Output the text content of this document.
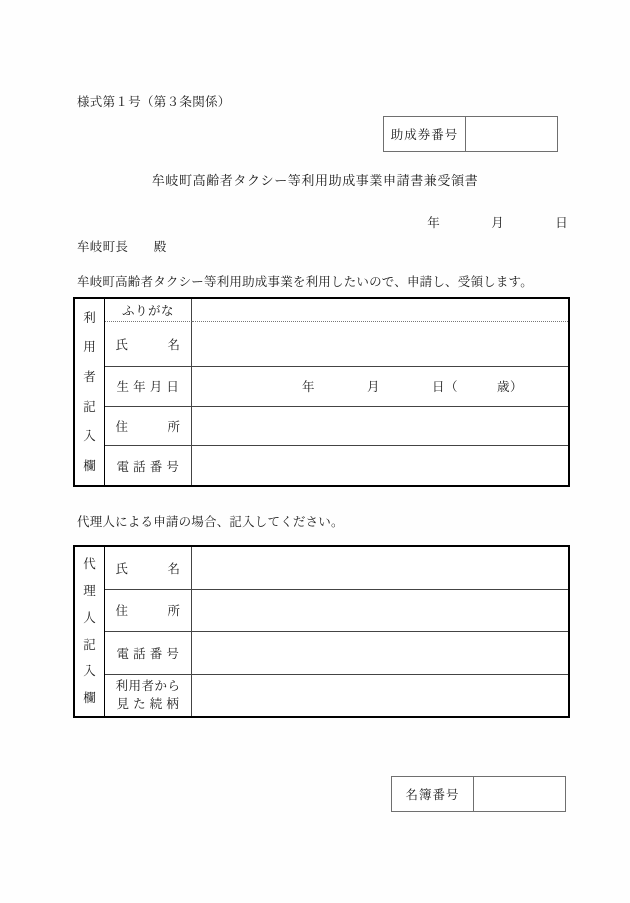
様式第１号（第３条関係）
助成券番号
牟岐町高齢者タクシー等利用助成事業申請書兼受領書
年　　　　月　　　　日
牟岐町長　　殿
牟岐町高齢者タクシー等利用助成事業を利用したいので、申請し、受領します。
利
用
者
記
入
欄
ふりがな
氏　　　名
生 年 月 日	年　　　　月　　　　日（　　　歳）
住　　　所
電 話 番 号
代理人による申請の場合、記入してください。
代
理
人
記
入
欄
氏　　　名
住　　　所
電 話 番 号
利用者から
見 た 続 柄
名簿番号
